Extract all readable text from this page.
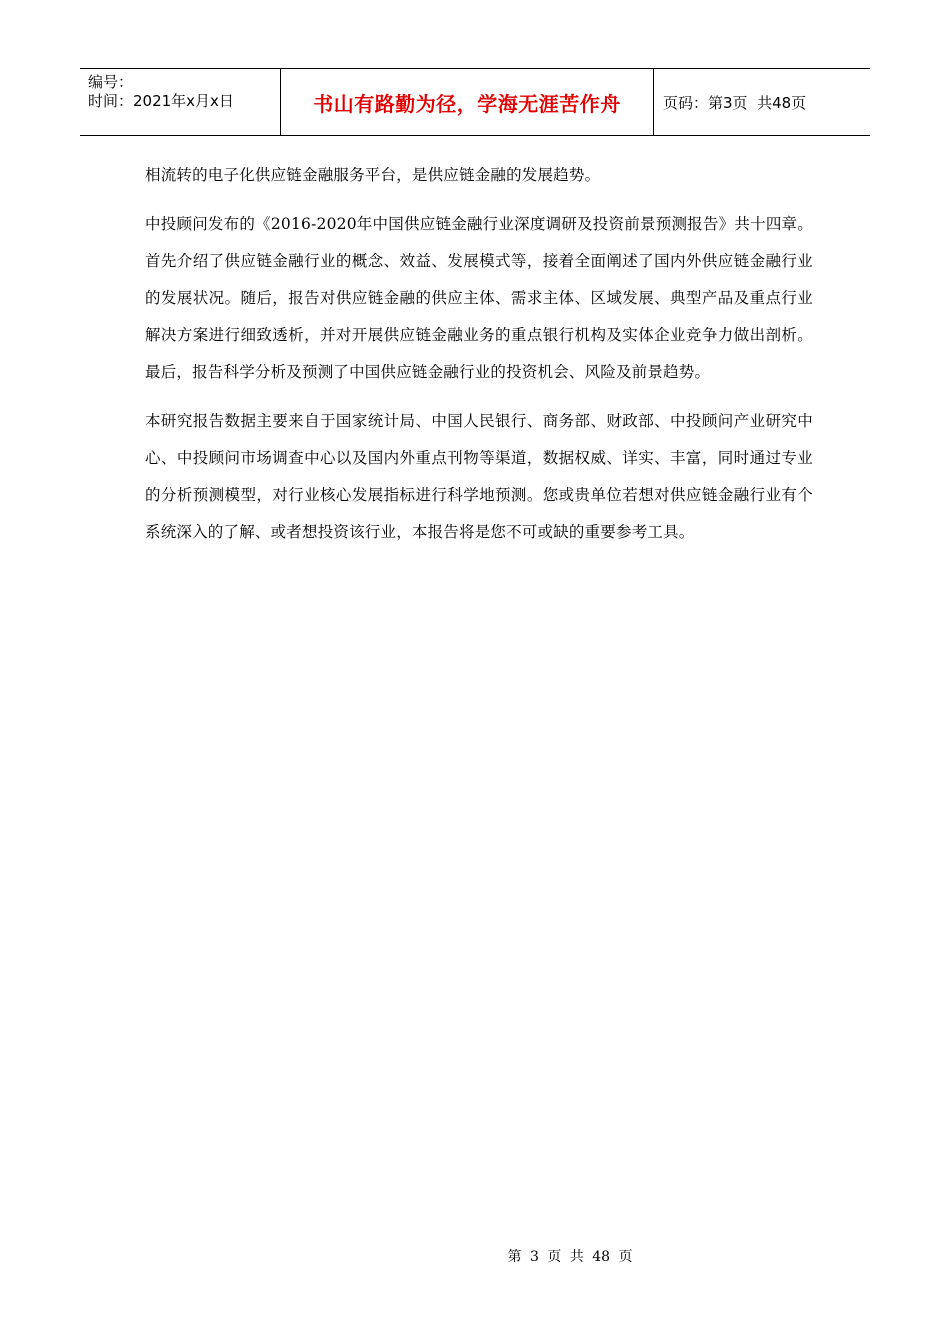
编号：
时间：2021年x月x日	书山有路勤为径，学海无涯苦作舟	页码：第3页  共48页

相流转的电子化供应链金融服务平台，是供应链金融的发展趋势。

中投顾问发布的《2016-2020年中国供应链金融行业深度调研及投资前景预测报告》共十四章。首先介绍了供应链金融行业的概念、效益、发展模式等，接着全面阐述了国内外供应链金融行业的发展状况。随后，报告对供应链金融的供应主体、需求主体、区域发展、典型产品及重点行业解决方案进行细致透析，并对开展供应链金融业务的重点银行机构及实体企业竞争力做出剖析。最后，报告科学分析及预测了中国供应链金融行业的投资机会、风险及前景趋势。

本研究报告数据主要来自于国家统计局、中国人民银行、商务部、财政部、中投顾问产业研究中心、中投顾问市场调查中心以及国内外重点刊物等渠道，数据权威、详实、丰富，同时通过专业的分析预测模型，对行业核心发展指标进行科学地预测。您或贵单位若想对供应链金融行业有个系统深入的了解、或者想投资该行业，本报告将是您不可或缺的重要参考工具。

第 3 页 共 48 页
